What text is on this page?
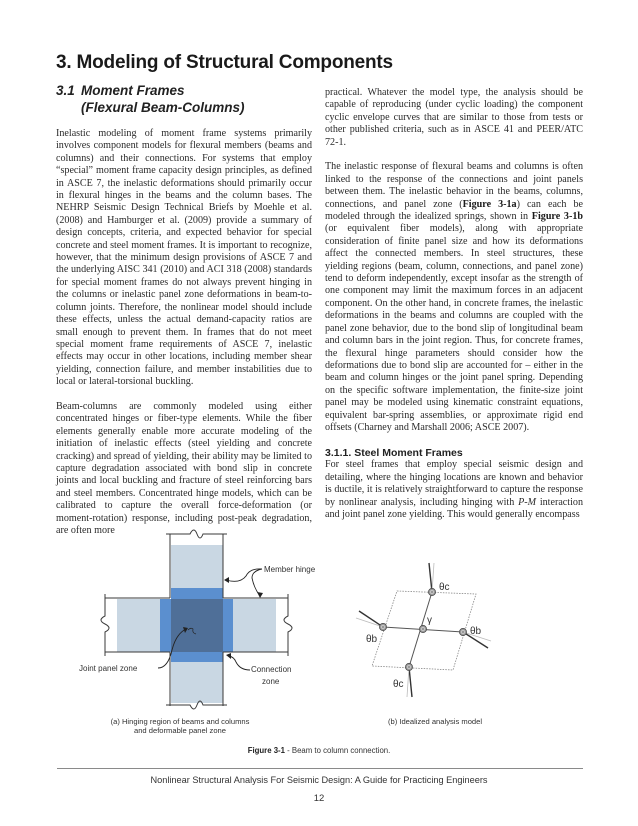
3. Modeling of Structural Components
3.1 Moment Frames
(Flexural Beam-Columns)

Inelastic modeling of moment frame systems primarily involves component models for flexural members (beams and columns) and their connections. For systems that employ “special” moment frame capacity design principles, as defined in ASCE 7, the inelastic deformations should primarily occur in flexural hinges in the beams and the column bases. The NEHRP Seismic Design Technical Briefs by Moehle et al. (2008) and Hamburger et al. (2009) provide a summary of design concepts, criteria, and expected behavior for special concrete and steel moment frames. It is important to recognize, however, that the minimum design provisions of ASCE 7 and the underlying AISC 341 (2010) and ACI 318 (2008) standards for special moment frames do not always prevent hinging in the columns or inelastic panel zone deformations in beam-to-column joints. Therefore, the nonlinear model should include these effects, unless the actual demand-capacity ratios are small enough to prevent them. In frames that do not meet special moment frame requirements of ASCE 7, inelastic effects may occur in other locations, including member shear yielding, connection failure, and member instabilities due to local or lateral-torsional buckling.

Beam-columns are commonly modeled using either concentrated hinges or fiber-type elements. While the fiber elements generally enable more accurate modeling of the initiation of inelastic effects (steel yielding and concrete cracking) and spread of yielding, their ability may be limited to capture degradation associated with bond slip in concrete joints and local buckling and fracture of steel reinforcing bars and steel members. Concentrated hinge models, which can be calibrated to capture the overall force-deformation (or moment-rotation) response, including post-peak degradation, are often more

practical. Whatever the model type, the analysis should be capable of reproducing (under cyclic loading) the component cyclic envelope curves that are similar to those from tests or other published criteria, such as in ASCE 41 and PEER/ATC 72-1.

The inelastic response of flexural beams and columns is often linked to the response of the connections and joint panels between them. The inelastic behavior in the beams, columns, connections, and panel zone (Figure 3-1a) can each be modeled through the idealized springs, shown in Figure 3-1b (or equivalent fiber models), along with appropriate consideration of finite panel size and how its deformations affect the connected members. In steel structures, these yielding regions (beam, column, connections, and panel zone) tend to deform independently, except insofar as the strength of one component may limit the maximum forces in an adjacent component. On the other hand, in concrete frames, the inelastic deformations in the beams and columns are coupled with the panel zone behavior, due to the bond slip of longitudinal beam and column bars in the joint region. Thus, for concrete frames, the flexural hinge parameters should consider how the deformations due to bond slip are accounted for – either in the beam and column hinges or the joint panel spring. Depending on the specific software implementation, the finite-size joint panel may be modeled using kinematic constraint equations, equivalent bar-spring assemblies, or approximate rigid end offsets (Charney and Marshall 2006; ASCE 2007).

3.1.1. Steel Moment Frames

For steel frames that employ special seismic design and detailing, where the hinging locations are known and behavior is ductile, it is relatively straightforward to capture the response by nonlinear analysis, including hinging with P-M interaction and joint panel zone yielding. This would generally encompass

Member hinge
Joint panel zone	Connection
zone
θc
θb
γ
θb
θc
(a) Hinging region of beams and columns
and deformable panel zone
(b) Idealized analysis model
Figure 3-1 - Beam to column connection.
Nonlinear Structural Analysis For Seismic Design: A Guide for Practicing Engineers
12
